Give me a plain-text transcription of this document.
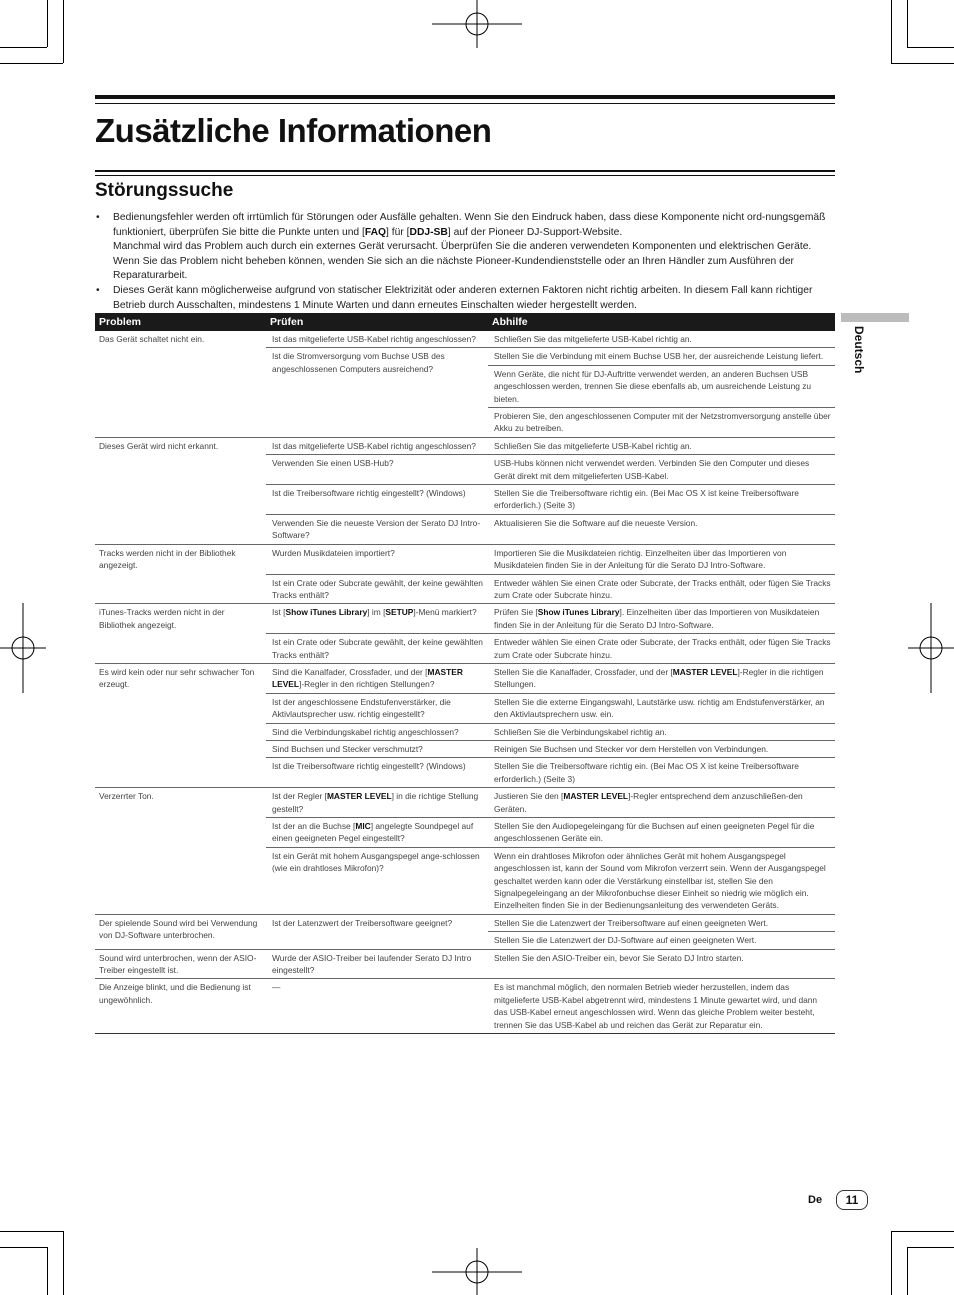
Zusätzliche Informationen
Störungssuche
• Bedienungsfehler werden oft irrtümlich für Störungen oder Ausfälle gehalten. Wenn Sie den Eindruck haben, dass diese Komponente nicht ord-nungsgemäß funktioniert, überprüfen Sie bitte die Punkte unten und [FAQ] für [DDJ-SB] auf der Pioneer DJ-Support-Website.
Manchmal wird das Problem auch durch ein externes Gerät verursacht. Überprüfen Sie die anderen verwendeten Komponenten und elektrischen Geräte. Wenn Sie das Problem nicht beheben können, wenden Sie sich an die nächste Pioneer-Kundendienststelle oder an Ihren Händler zum Ausführen der Reparaturarbeit.
• Dieses Gerät kann möglicherweise aufgrund von statischer Elektrizität oder anderen externen Faktoren nicht richtig arbeiten. In diesem Fall kann richtiger Betrieb durch Ausschalten, mindestens 1 Minute Warten und dann erneutes Einschalten wieder hergestellt werden.
Deutsch
Problem	Prüfen	Abhilfe
Das Gerät schaltet nicht ein.	Ist das mitgelieferte USB-Kabel richtig angeschlossen?	Schließen Sie das mitgelieferte USB-Kabel richtig an.
	Ist die Stromversorgung vom Buchse USB des angeschlossenen Computers ausreichend?	Stellen Sie die Verbindung mit einem Buchse USB her, der ausreichende Leistung liefert.
		Wenn Geräte, die nicht für DJ-Auftritte verwendet werden, an anderen Buchsen USB angeschlossen werden, trennen Sie diese ebenfalls ab, um ausreichende Leistung zu bieten.
		Probieren Sie, den angeschlossenen Computer mit der Netzstromversorgung anstelle über Akku zu betreiben.
Dieses Gerät wird nicht erkannt.	Ist das mitgelieferte USB-Kabel richtig angeschlossen?	Schließen Sie das mitgelieferte USB-Kabel richtig an.
	Verwenden Sie einen USB-Hub?	USB-Hubs können nicht verwendet werden. Verbinden Sie den Computer und dieses Gerät direkt mit dem mitgelieferten USB-Kabel.
	Ist die Treibersoftware richtig eingestellt? (Windows)	Stellen Sie die Treibersoftware richtig ein. (Bei Mac OS X ist keine Treibersoftware erforderlich.) (Seite 3)
	Verwenden Sie die neueste Version der Serato DJ Intro-Software?	Aktualisieren Sie die Software auf die neueste Version.
Tracks werden nicht in der Bibliothek angezeigt.	Wurden Musikdateien importiert?	Importieren Sie die Musikdateien richtig. Einzelheiten über das Importieren von Musikdateien finden Sie in der Anleitung für die Serato DJ Intro-Software.
	Ist ein Crate oder Subcrate gewählt, der keine gewählten Tracks enthält?	Entweder wählen Sie einen Crate oder Subcrate, der Tracks enthält, oder fügen Sie Tracks zum Crate oder Subcrate hinzu.
iTunes-Tracks werden nicht in der Bibliothek angezeigt.	Ist [Show iTunes Library] im [SETUP]-Menü markiert?	Prüfen Sie [Show iTunes Library]. Einzelheiten über das Importieren von Musikdateien finden Sie in der Anleitung für die Serato DJ Intro-Software.
	Ist ein Crate oder Subcrate gewählt, der keine gewählten Tracks enthält?	Entweder wählen Sie einen Crate oder Subcrate, der Tracks enthält, oder fügen Sie Tracks zum Crate oder Subcrate hinzu.
Es wird kein oder nur sehr schwacher Ton erzeugt.	Sind die Kanalfader, Crossfader, und der [MASTER LEVEL]-Regler in den richtigen Stellungen?	Stellen Sie die Kanalfader, Crossfader, und der [MASTER LEVEL]-Regler in die richtigen Stellungen.
	Ist der angeschlossene Endstufenverstärker, die Aktivlautsprecher usw. richtig eingestellt?	Stellen Sie die externe Eingangswahl, Lautstärke usw. richtig am Endstufenverstärker, an den Aktivlautsprechern usw. ein.
	Sind die Verbindungskabel richtig angeschlossen?	Schließen Sie die Verbindungskabel richtig an.
	Sind Buchsen und Stecker verschmutzt?	Reinigen Sie Buchsen und Stecker vor dem Herstellen von Verbindungen.
	Ist die Treibersoftware richtig eingestellt? (Windows)	Stellen Sie die Treibersoftware richtig ein. (Bei Mac OS X ist keine Treibersoftware erforderlich.) (Seite 3)
Verzerrter Ton.	Ist der Regler [MASTER LEVEL] in die richtige Stellung gestellt?	Justieren Sie den [MASTER LEVEL]-Regler entsprechend dem anzuschließen-den Geräten.
	Ist der an die Buchse [MIC] angelegte Soundpegel auf einen geeigneten Pegel eingestellt?	Stellen Sie den Audiopegeleingang für die Buchsen auf einen geeigneten Pegel für die angeschlossenen Geräte ein.
	Ist ein Gerät mit hohem Ausgangspegel ange-schlossen (wie ein drahtloses Mikrofon)?	Wenn ein drahtloses Mikrofon oder ähnliches Gerät mit hohem Ausgangspegel angeschlossen ist, kann der Sound vom Mikrofon verzerrt sein. Wenn der Ausgangspegel geschaltet werden kann oder die Verstärkung einstellbar ist, stellen Sie den Signalpegeleingang an der Mikrofonbuchse dieser Einheit so niedrig wie möglich ein. Einzelheiten finden Sie in der Bedienungsanleitung des verwendeten Geräts.
Der spielende Sound wird bei Verwendung von DJ-Software unterbrochen.	Ist der Latenzwert der Treibersoftware geeignet?	Stellen Sie die Latenzwert der Treibersoftware auf einen geeigneten Wert.
		Stellen Sie die Latenzwert der DJ-Software auf einen geeigneten Wert.
Sound wird unterbrochen, wenn der ASIO-Treiber eingestellt ist.	Wurde der ASIO-Treiber bei laufender Serato DJ Intro eingestellt?	Stellen Sie den ASIO-Treiber ein, bevor Sie Serato DJ Intro starten.
Die Anzeige blinkt, und die Bedienung ist ungewöhnlich.	—	Es ist manchmal möglich, den normalen Betrieb wieder herzustellen, indem das mitgelieferte USB-Kabel abgetrennt wird, mindestens 1 Minute gewartet wird, und dann das USB-Kabel erneut angeschlossen wird. Wenn das gleiche Problem weiter besteht, trennen Sie das USB-Kabel ab und reichen das Gerät zur Reparatur ein.
De	11
